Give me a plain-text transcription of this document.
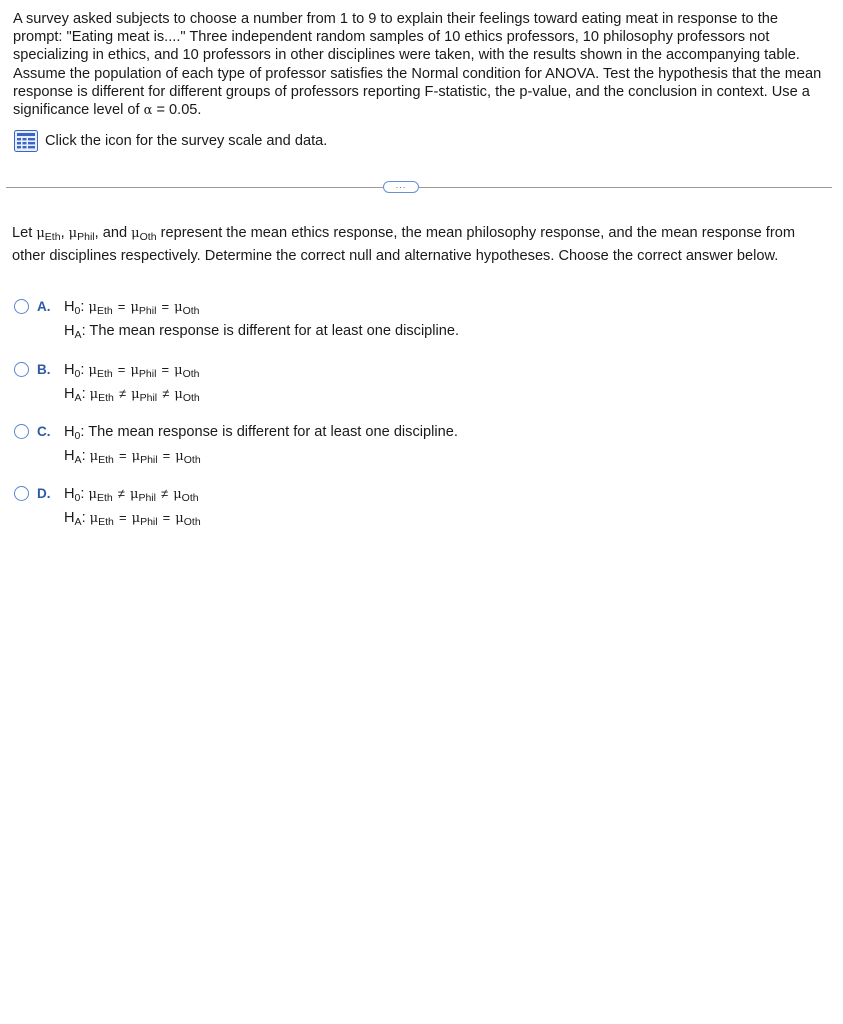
A survey asked subjects to choose a number from 1 to 9 to explain their feelings toward eating meat in response to the prompt: "Eating meat is...." Three independent random samples of 10 ethics professors, 10 philosophy professors not specializing in ethics, and 10 professors in other disciplines were taken, with the results shown in the accompanying table. Assume the population of each type of professor satisfies the Normal condition for ANOVA. Test the hypothesis that the mean response is different for different groups of professors reporting F-statistic, the p-value, and the conclusion in context. Use a significance level of α = 0.05.

Click the icon for the survey scale and data.
...
Let $\mu_{Eth}$, $\mu_{Phil}$, and $\mu_{Oth}$ represent the mean ethics response, the mean philosophy response, and the mean response from other disciplines respectively. Determine the correct null and alternative hypotheses. Choose the correct answer below.
A. $H_0$: $\mu_{Eth} = \mu_{Phil} = \mu_{Oth}$
$H_A$: The mean response is different for at least one discipline.
B. $H_0$: $\mu_{Eth} = \mu_{Phil} = \mu_{Oth}$
$H_A$: $\mu_{Eth} \ne \mu_{Phil} \ne \mu_{Oth}$
C. $H_0$: The mean response is different for at least one discipline.
$H_A$: $\mu_{Eth} = \mu_{Phil} = \mu_{Oth}$
D. $H_0$: $\mu_{Eth} \ne \mu_{Phil} \ne \mu_{Oth}$
$H_A$: $\mu_{Eth} = \mu_{Phil} = \mu_{Oth}$
